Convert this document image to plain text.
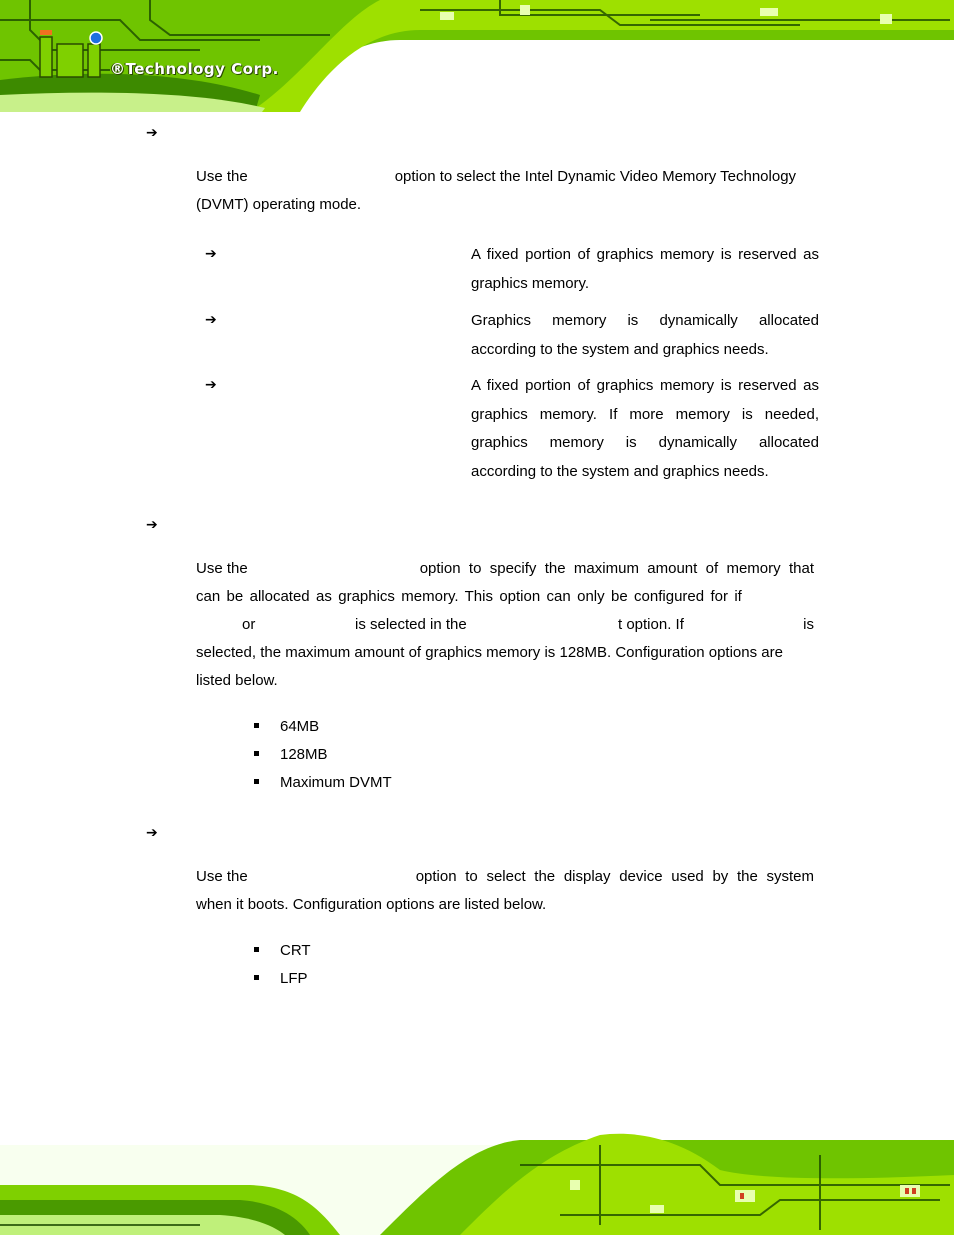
®Technology Corp.
➔
Use the	option to select the Intel Dynamic Video Memory Technology
(DVMT) operating mode.
➔	A fixed portion of graphics memory is reserved as
graphics memory.
➔	Graphics memory is dynamically allocated
according to the system and graphics needs.
➔	A fixed portion of graphics memory is reserved as
graphics memory. If more memory is needed,
graphics memory is dynamically allocated
according to the system and graphics needs.
➔
Use the	option to specify the maximum amount of memory that
can be allocated as graphics memory. This option can only be configured for if
or	is selected in the	t option. If	is
selected, the maximum amount of graphics memory is 128MB. Configuration options are
listed below.
64MB
128MB
Maximum DVMT
➔
Use the	option to select the display device used by the system
when it boots. Configuration options are listed below.
CRT
LFP
